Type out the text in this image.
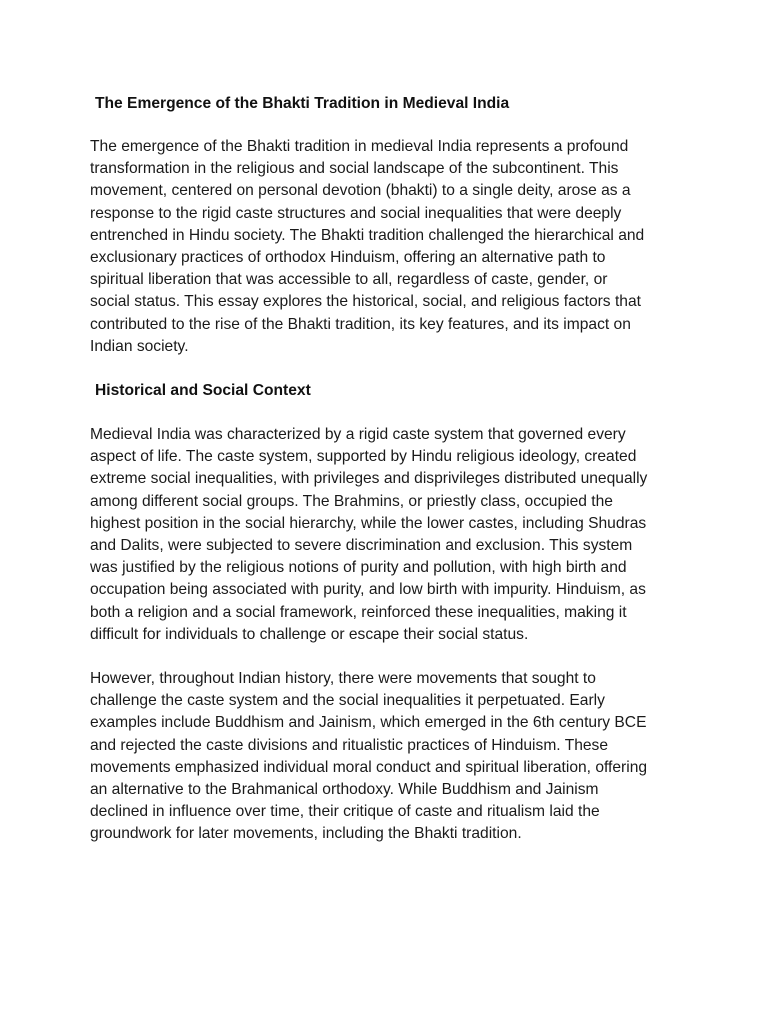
The Emergence of the Bhakti Tradition in Medieval India

The emergence of the Bhakti tradition in medieval India represents a profound
transformation in the religious and social landscape of the subcontinent. This
movement, centered on personal devotion (bhakti) to a single deity, arose as a
response to the rigid caste structures and social inequalities that were deeply
entrenched in Hindu society. The Bhakti tradition challenged the hierarchical and
exclusionary practices of orthodox Hinduism, offering an alternative path to
spiritual liberation that was accessible to all, regardless of caste, gender, or
social status. This essay explores the historical, social, and religious factors that
contributed to the rise of the Bhakti tradition, its key features, and its impact on
Indian society.

Historical and Social Context

Medieval India was characterized by a rigid caste system that governed every
aspect of life. The caste system, supported by Hindu religious ideology, created
extreme social inequalities, with privileges and disprivileges distributed unequally
among different social groups. The Brahmins, or priestly class, occupied the
highest position in the social hierarchy, while the lower castes, including Shudras
and Dalits, were subjected to severe discrimination and exclusion. This system
was justified by the religious notions of purity and pollution, with high birth and
occupation being associated with purity, and low birth with impurity. Hinduism, as
both a religion and a social framework, reinforced these inequalities, making it
difficult for individuals to challenge or escape their social status.
However, throughout Indian history, there were movements that sought to
challenge the caste system and the social inequalities it perpetuated. Early
examples include Buddhism and Jainism, which emerged in the 6th century BCE
and rejected the caste divisions and ritualistic practices of Hinduism. These
movements emphasized individual moral conduct and spiritual liberation, offering
an alternative to the Brahmanical orthodoxy. While Buddhism and Jainism
declined in influence over time, their critique of caste and ritualism laid the
groundwork for later movements, including the Bhakti tradition.
